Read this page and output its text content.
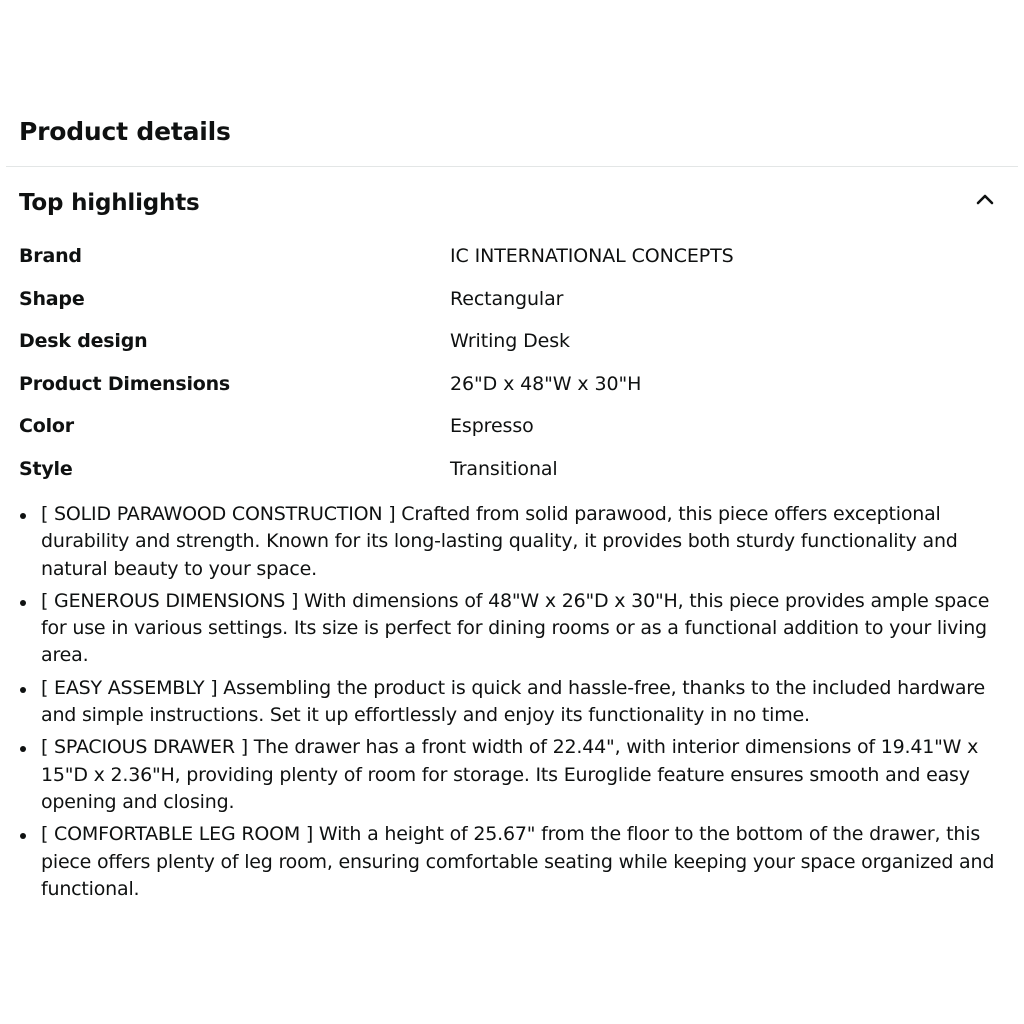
Product details
Top highlights
Brand	IC INTERNATIONAL CONCEPTS
Shape	Rectangular
Desk design	Writing Desk
Product Dimensions	26"D x 48"W x 30"H
Color	Espresso
Style	Transitional
[ SOLID PARAWOOD CONSTRUCTION ] Crafted from solid parawood, this piece offers exceptional durability and strength. Known for its long-lasting quality, it provides both sturdy functionality and natural beauty to your space.
[ GENEROUS DIMENSIONS ] With dimensions of 48"W x 26"D x 30"H, this piece provides ample space for use in various settings. Its size is perfect for dining rooms or as a functional addition to your living area.
[ EASY ASSEMBLY ] Assembling the product is quick and hassle-free, thanks to the included hardware and simple instructions. Set it up effortlessly and enjoy its functionality in no time.
[ SPACIOUS DRAWER ] The drawer has a front width of 22.44", with interior dimensions of 19.41"W x 15"D x 2.36"H, providing plenty of room for storage. Its Euroglide feature ensures smooth and easy opening and closing.
[ COMFORTABLE LEG ROOM ] With a height of 25.67" from the floor to the bottom of the drawer, this piece offers plenty of leg room, ensuring comfortable seating while keeping your space organized and functional.
